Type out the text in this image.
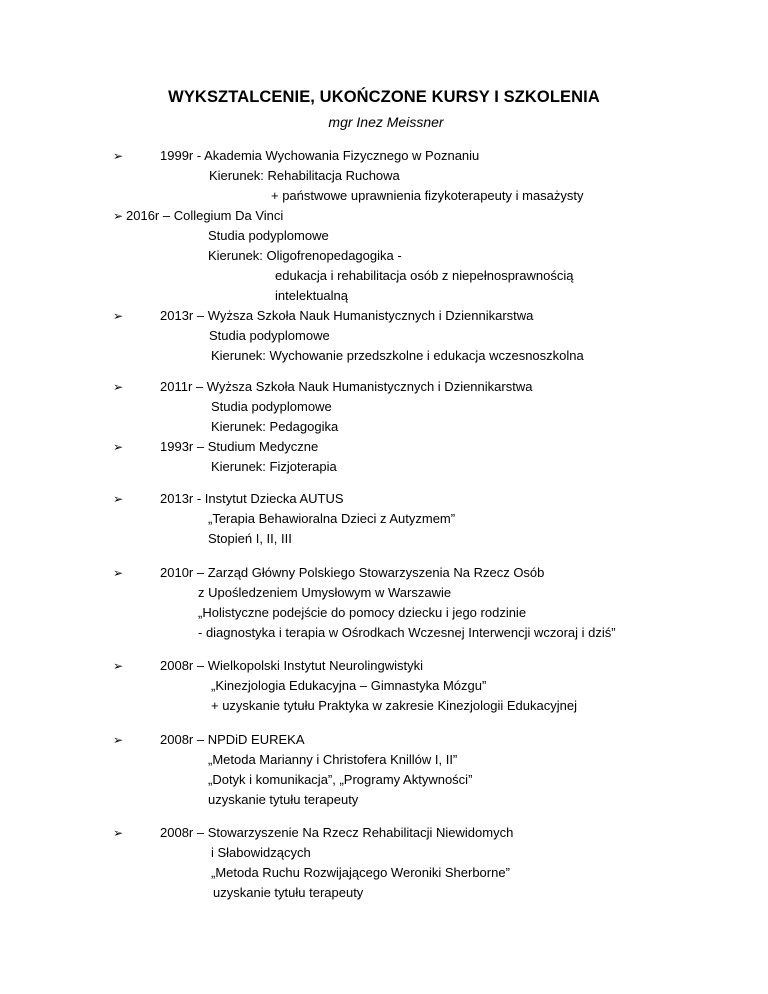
WYKSZTALCENIE, UKOŃCZONE KURSY I SZKOLENIA
mgr Inez Meissner
➢	1999r - Akademia Wychowania Fizycznego w Poznaniu
Kierunek: Rehabilitacja Ruchowa
+ państwowe uprawnienia fizykoterapeuty i masażysty
➢ 2016r – Collegium Da Vinci
Studia podyplomowe
Kierunek: Oligofrenopedagogika -
edukacja i rehabilitacja osób z niepełnosprawnością
intelektualną
➢	2013r – Wyższa Szkoła Nauk Humanistycznych i Dziennikarstwa
Studia podyplomowe
Kierunek: Wychowanie przedszkolne i edukacja wczesnoszkolna
➢	2011r – Wyższa Szkoła Nauk Humanistycznych i Dziennikarstwa
Studia podyplomowe
Kierunek: Pedagogika
➢	1993r – Studium Medyczne
Kierunek: Fizjoterapia
➢	2013r - Instytut Dziecka AUTUS
„Terapia Behawioralna Dzieci z Autyzmem”
Stopień I, II, III
➢	2010r – Zarząd Główny Polskiego Stowarzyszenia Na Rzecz Osób
z Upośledzeniem Umysłowym w Warszawie
„Holistyczne podejście do pomocy dziecku i jego rodzinie
- diagnostyka i terapia w Ośrodkach Wczesnej Interwencji wczoraj i dziś”
➢	2008r – Wielkopolski Instytut Neurolingwistyki
„Kinezjologia Edukacyjna – Gimnastyka Mózgu”
+ uzyskanie tytułu Praktyka w zakresie Kinezjologii Edukacyjnej
➢	2008r – NPDiD EUREKA
„Metoda Marianny i Christofera Knillów I, II”
„Dotyk i komunikacja”, „Programy Aktywności”
uzyskanie tytułu terapeuty
➢	2008r – Stowarzyszenie Na Rzecz Rehabilitacji Niewidomych
i Słabowidzących
„Metoda Ruchu Rozwijającego Weroniki Sherborne”
uzyskanie tytułu terapeuty
